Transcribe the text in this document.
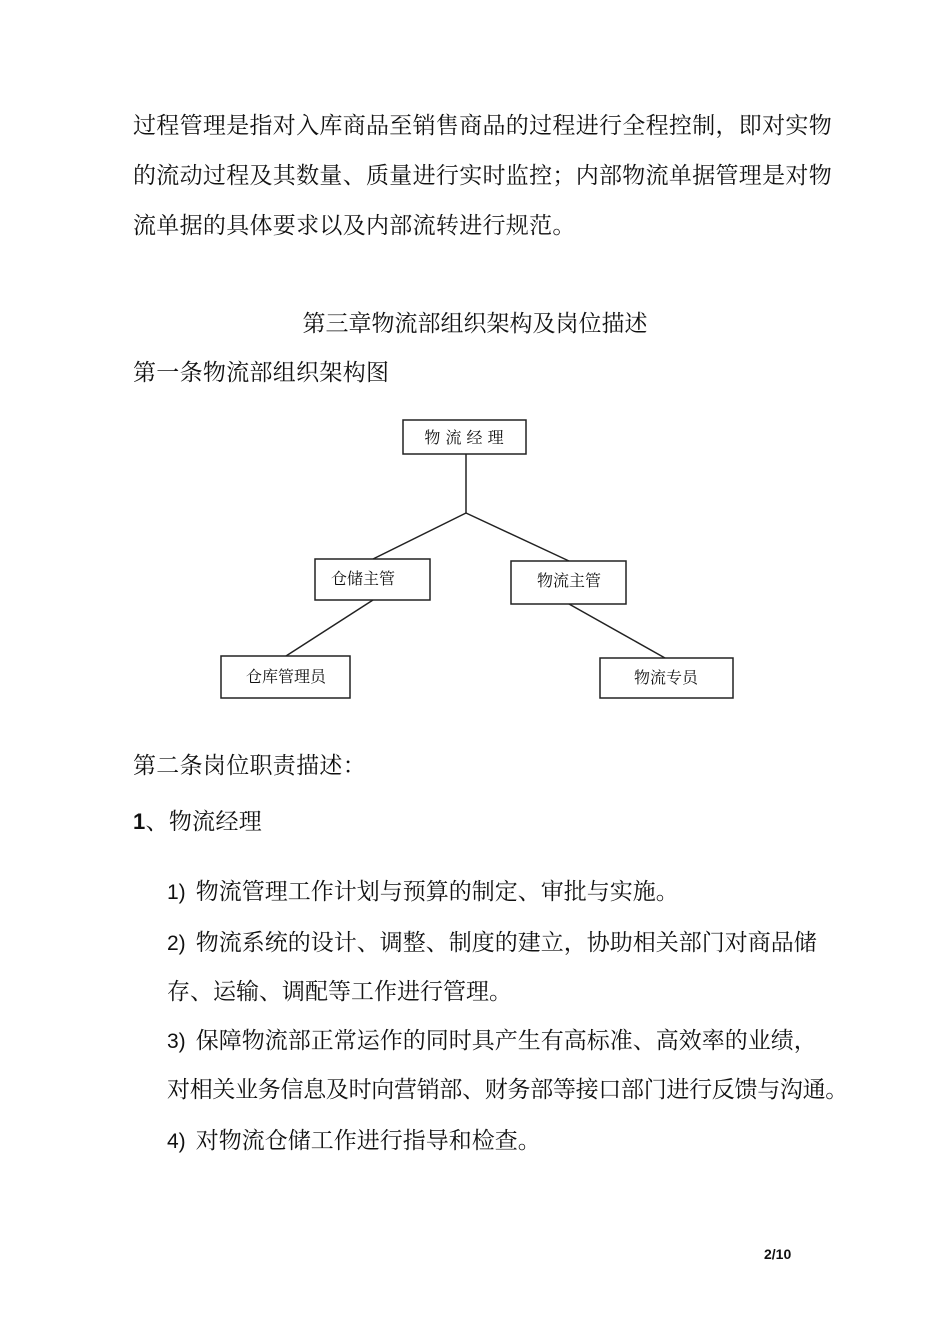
过程管理是指对入库商品至销售商品的过程进行全程控制，即对实物
的流动过程及其数量、质量进行实时监控；内部物流单据管理是对物
流单据的具体要求以及内部流转进行规范。
第三章物流部组织架构及岗位描述
第一条物流部组织架构图
物 流 经 理
仓储主管	物流主管
仓库管理员	物流专员
第二条岗位职责描述：
1、物流经理
1) 物流管理工作计划与预算的制定、审批与实施。
2) 物流系统的设计、调整、制度的建立，协助相关部门对商品储
存、运输、调配等工作进行管理。
3) 保障物流部正常运作的同时具产生有高标准、高效率的业绩，
对相关业务信息及时向营销部、财务部等接口部门进行反馈与沟通。
4) 对物流仓储工作进行指导和检查。
2/10
